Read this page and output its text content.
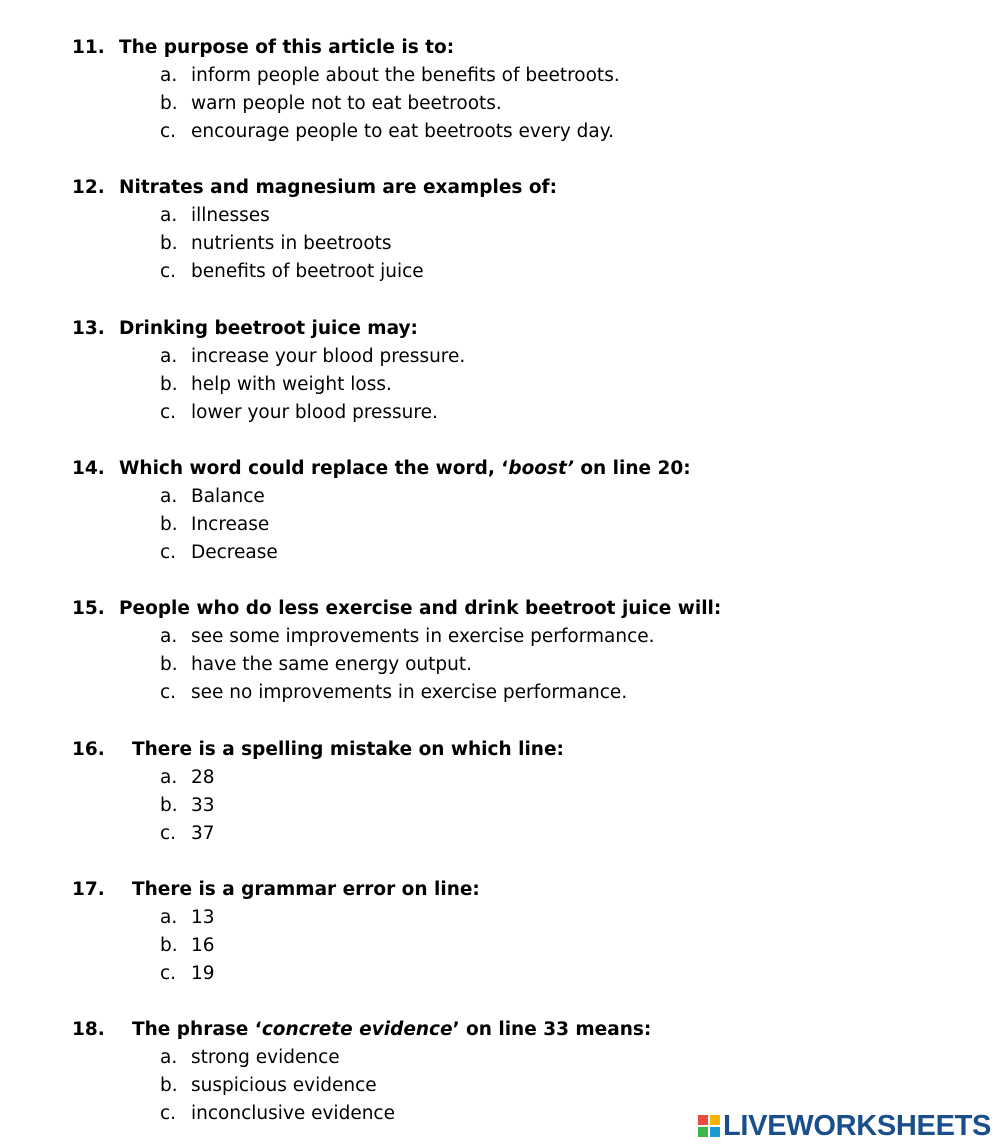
11. The purpose of this article is to:
a. inform people about the benefits of beetroots.
b. warn people not to eat beetroots.
c. encourage people to eat beetroots every day.
12. Nitrates and magnesium are examples of:
a. illnesses
b. nutrients in beetroots
c. benefits of beetroot juice
13. Drinking beetroot juice may:
a. increase your blood pressure.
b. help with weight loss.
c. lower your blood pressure.
14. Which word could replace the word, ‘boost’ on line 20:
a. Balance
b. Increase
c. Decrease
15. People who do less exercise and drink beetroot juice will:
a. see some improvements in exercise performance.
b. have the same energy output.
c. see no improvements in exercise performance.
16. There is a spelling mistake on which line:
a. 28
b. 33
c. 37
17. There is a grammar error on line:
a. 13
b. 16
c. 19
18. The phrase ‘concrete evidence’ on line 33 means:
a. strong evidence
b. suspicious evidence
c. inconclusive evidence	LIVEWORKSHEETS
